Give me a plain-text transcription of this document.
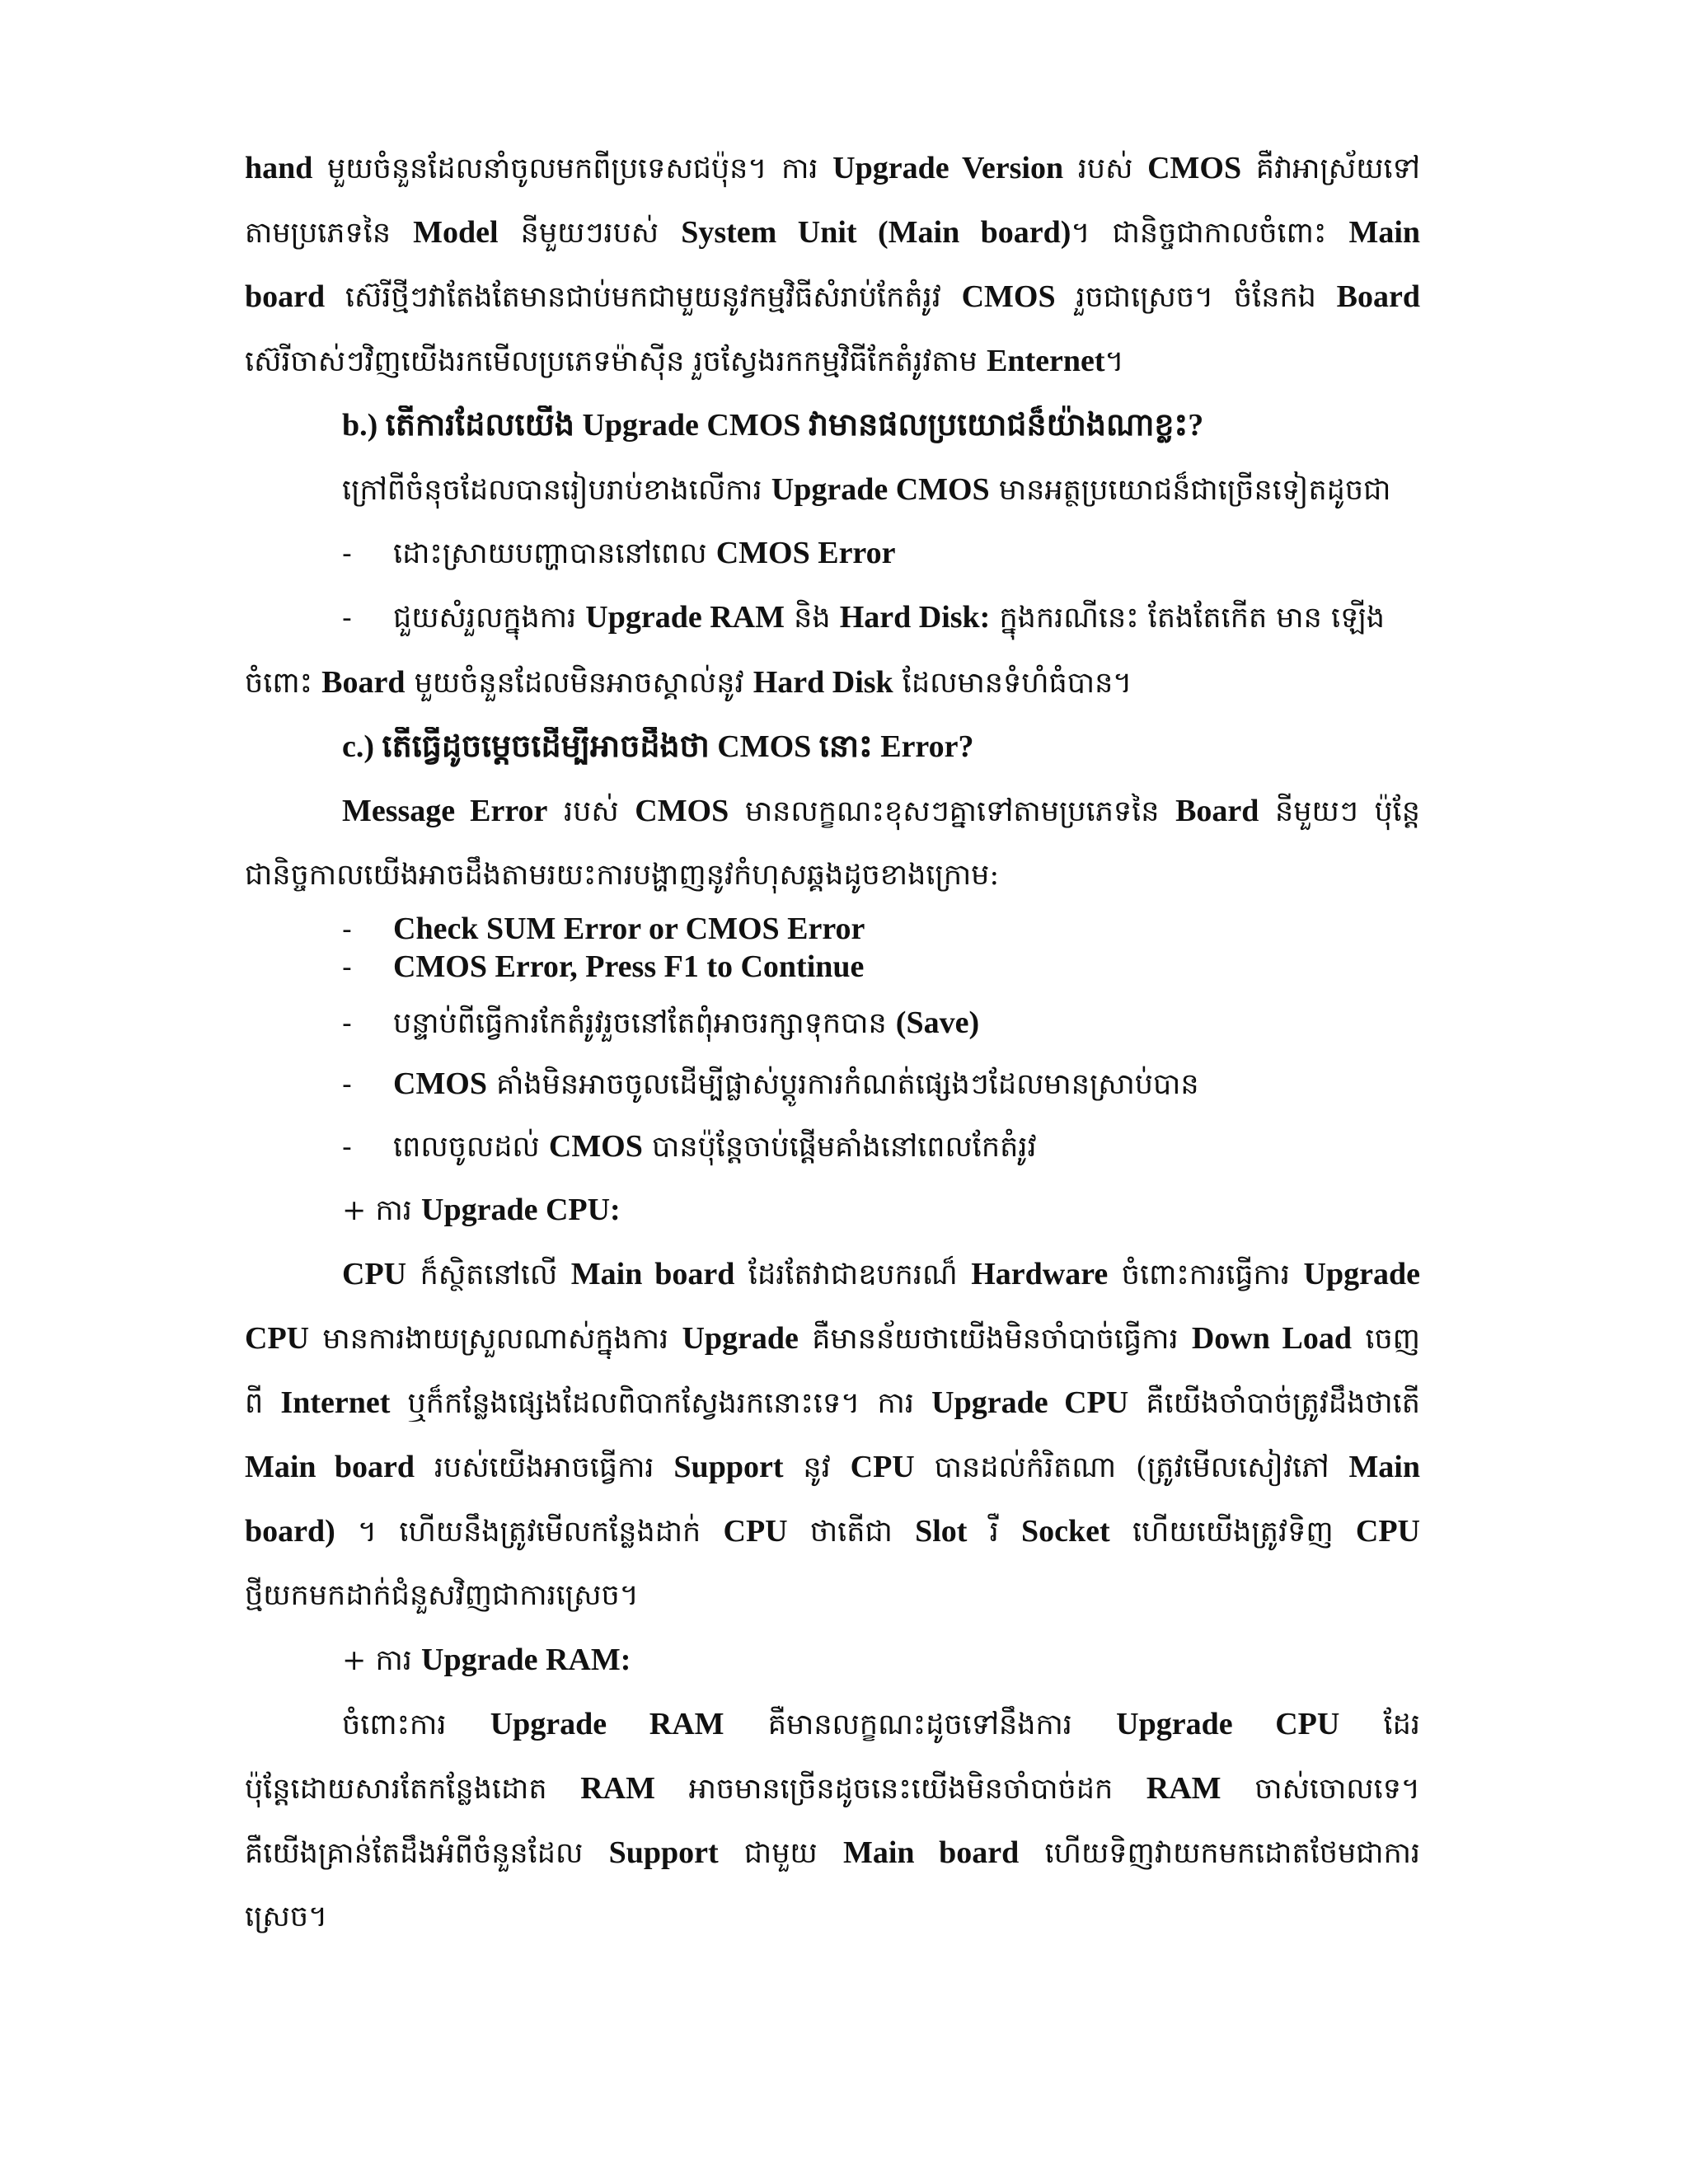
hand មួយចំនួនដែលនាំចូលមកពីប្រទេសជប៉ុន។ ការ Upgrade Version របស់ CMOS គឺវាអាស្រ័យទៅ
តាមប្រភេទនៃ Model នីមួយៗរបស់ System Unit (Main board)។ ជានិច្ចជាកាលចំពោះ Main
board ស៊េរីថ្មីៗវាតែងតែមានជាប់មកជាមួយនូវកម្មវិធីសំរាប់កែតំរូវ CMOS រួចជាស្រេច។ ចំនែកឯ Board
ស៊េរីចាស់ៗវិញយើងរកមើលប្រភេទម៉ាស៊ីន រួចស្វែងរកកម្មវិធីកែតំរូវតាម Enternet។
b.) តើការដែលយើង Upgrade CMOS វាមានផលប្រយោជន៏យ៉ាងណាខ្លះ?
ក្រៅពីចំនុចដែលបានរៀបរាប់ខាងលើការ Upgrade CMOS មានអត្ថប្រយោជន៏ជាច្រើនទៀតដូចជា
- ដោះស្រាយបញ្ហាបាននៅពេល CMOS Error
- ជួយសំរួលក្នុងការ Upgrade RAM និង Hard Disk: ក្នុងករណីនេះ តែងតែកើត មាន ឡើង
ចំពោះ Board មួយចំនួនដែលមិនអាចស្គាល់នូវ Hard Disk ដែលមានទំហំធំបាន។
c.) តើធ្វើដូចម្តេចដើម្បីអាចដឹងថា CMOS នោះ Error?
Message Error របស់ CMOS មានលក្ខណះខុសៗគ្នាទៅតាមប្រភេទនៃ Board នីមួយៗ ប៉ុន្តែ
ជានិច្ចកាលយើងអាចដឹងតាមរយះការបង្ហាញនូវកំហុសឆ្គងដូចខាងក្រោម:
- Check SUM Error or CMOS Error
- CMOS Error, Press F1 to Continue
- បន្ទាប់ពីធ្វើការកែតំរូវរួចនៅតែពុំអាចរក្សាទុកបាន (Save)
- CMOS គាំងមិនអាចចូលដើម្បីផ្លាស់ប្តូរការកំណត់ផ្សេងៗដែលមានស្រាប់បាន
- ពេលចូលដល់ CMOS បានប៉ុន្តែចាប់ផ្តើមគាំងនៅពេលកែតំរូវ
+ ការ Upgrade CPU:
CPU ក៏ស្ថិតនៅលើ Main board ដែរតែវាជាឧបករណ៏ Hardware ចំពោះការធ្វើការ Upgrade
CPU មានការងាយស្រួលណាស់ក្នុងការ Upgrade គឺមានន័យថាយើងមិនចាំបាច់ធ្វើការ Down Load ចេញ
ពី Internet ឬក៏កន្លែងផ្សេងដែលពិបាកស្វែងរកនោះទេ។ ការ Upgrade CPU គឺយើងចាំបាច់ត្រូវដឹងថាតើ
Main board របស់យើងអាចធ្វើការ Support នូវ CPU បានដល់កំរិតណា (ត្រូវមើលសៀវភៅ Main
board) ។ ហើយនឹងត្រូវមើលកន្លែងដាក់ CPU ថាតើជា Slot រឺ Socket ហើយយើងត្រូវទិញ CPU
ថ្មីយកមកដាក់ជំនួសវិញជាការស្រេច។
+ ការ Upgrade RAM:
ចំពោះការ Upgrade RAM គឺមានលក្ខណះដូចទៅនឹងការ Upgrade CPU ដែរ
ប៉ុន្តែដោយសារតែកន្លែងដោត RAM អាចមានច្រើនដូចនេះយើងមិនចាំបាច់ដក RAM ចាស់ចោលទេ។
គឺយើងគ្រាន់តែដឹងអំពីចំនួនដែល Support ជាមួយ Main board ហើយទិញវាយកមកដោតថែមជាការ
ស្រេច។
